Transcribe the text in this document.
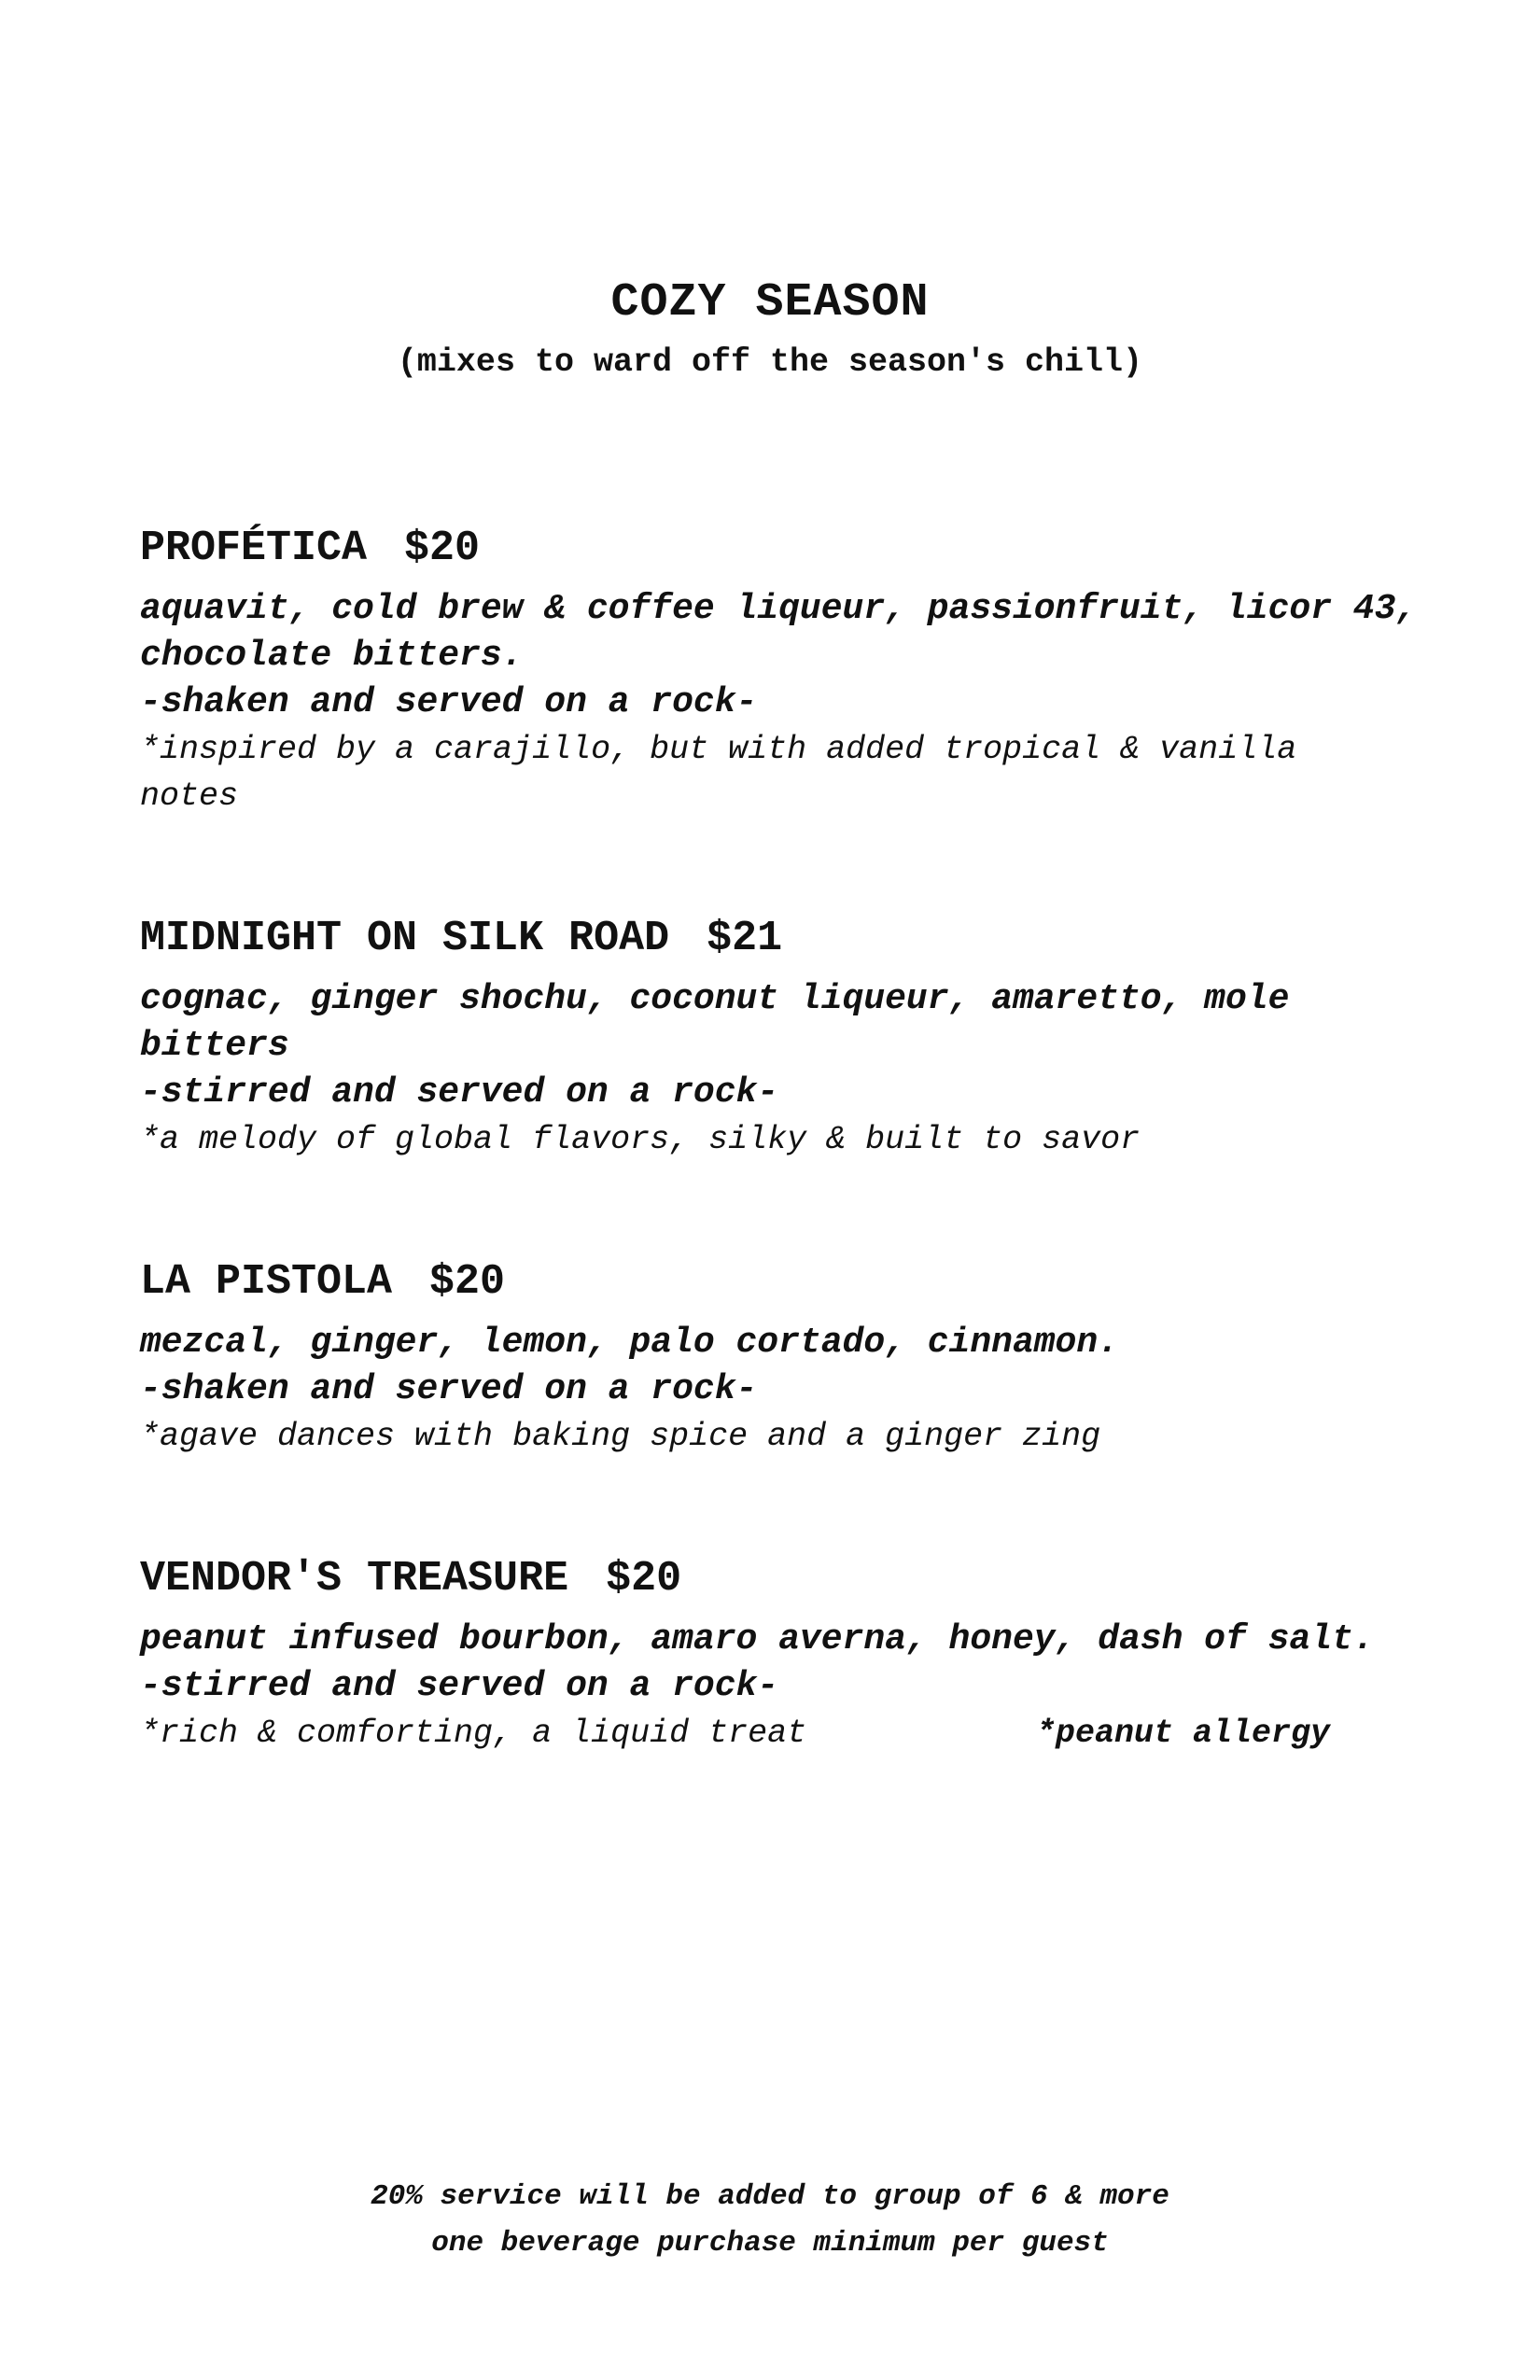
COZY SEASON
(mixes to ward off the season's chill)
PROFÉTICA $20
aquavit, cold brew & coffee liqueur, passionfruit, licor 43, chocolate bitters.
-shaken and served on a rock-
*inspired by a carajillo, but with added tropical & vanilla notes
MIDNIGHT ON SILK ROAD $21
cognac, ginger shochu, coconut liqueur, amaretto, mole bitters
-stirred and served on a rock-
*a melody of global flavors, silky & built to savor
LA PISTOLA $20
mezcal, ginger, lemon, palo cortado, cinnamon.
-shaken and served on a rock-
*agave dances with baking spice and a ginger zing
VENDOR'S TREASURE $20
peanut infused bourbon, amaro averna, honey, dash of salt.
-stirred and served on a rock-
*rich & comforting, a liquid treat	*peanut allergy
20% service will be added to group of 6 & more
one beverage purchase minimum per guest
